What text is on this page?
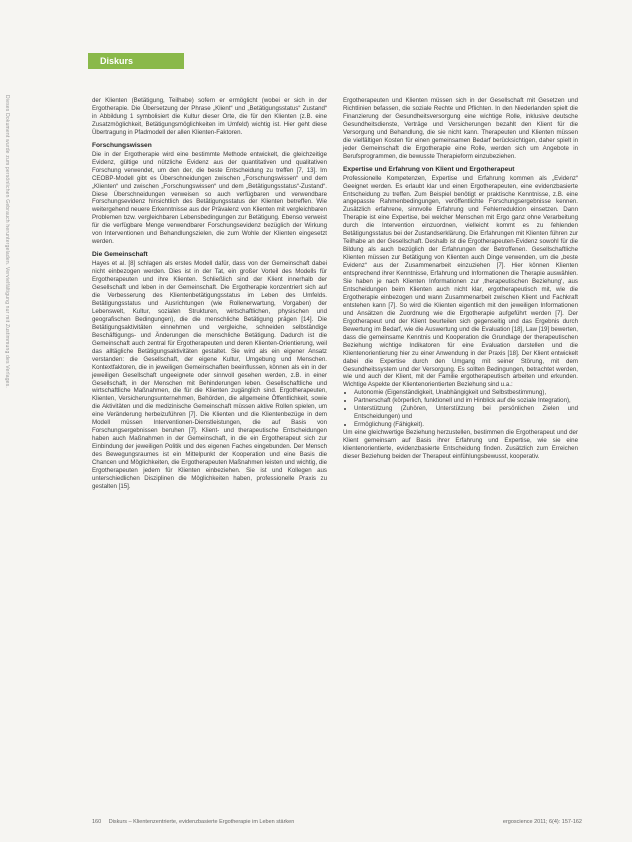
Diskurs
Dieses Dokument wurde zum persönlichen Gebrauch heruntergeladen. Vervielfältigung nur mit Zustimmung des Verlages.	der Klienten (Betätigung, Teilhabe) sofern er ermöglicht (wobei er sich in der Ergotherapie. Die Übersetzung der Phrase „Klient“ und „Betätigungsstatus“ Zustand“ in Abbildung 1 symbolisiert die Kultur dieser Orte, die für den Klienten (z.B. eine Zusatzmöglichkeit, Betätigungsmöglichkeiten im Umfeld) wichtig ist. Hier geht diese Übertragung in Pfadmodell der allen Klienten-Faktoren.

Forschungswissen

Die in der Ergotherapie wird eine bestimmte Methode entwickelt, die gleichzeitige Evidenz, gültige und nützliche Evidenz aus der quantitativen und qualitativen Forschung verwendet, um den der, die beste Entscheidung zu treffen [7, 13]. Im CEOBP-Modell gibt es Überschneidungen zwischen „Forschungswissen“ und dem „Klienten“ und zwischen „Forschungswissen“ und dem „Betätigungsstatus“-Zustand“. Diese Überschneidungen verweisen so auch verfügbaren und verwendbare Forschungsevidenz hinsichtlich des Betätigungsstatus der Klienten betreffen. Wie weitergehend neuere Erkenntnisse aus der Prävalenz von Klienten mit vergleichbaren Problemen bzw. vergleichbaren Lebensbedingungen zur Betätigung. Ebenso verweist für die verfügbare Menge verwendbarer Forschungsevidenz bezüglich der Wirkung von Interventionen und Behandlungszielen, die zum Wohle der Klienten eingesetzt werden.

Die Gemeinschaft

Hayes et al. [8] schlagen als erstes Modell dafür, dass von der Gemeinschaft dabei nicht einbezogen werden. Dies ist in der Tat, ein großer Vorteil des Modells für Ergotherapeuten und ihre Klienten. Schließlich sind der Klient innerhalb der Gesellschaft und leben in der Gemeinschaft. Die Ergotherapie konzentriert sich auf die Verbesserung des Klientenbetätigungsstatus im Leben des Umfelds. Betätigungsstatus und Ausrichtungen (wie Rollenerwartung, Vorgaben) der Lebenswelt, Kultur, sozialen Strukturen, wirtschaftlichen, physischen und geografischen Bedingungen), die die menschliche Betätigung prägen [14]. Die Betätigungsaktivitäten einnehmen und vergleiche, schneiden selbständige Beschäftigungs- und Änderungen die menschliche Betätigung. Dadurch ist die Gemeinschaft auch zentral für Ergotherapeuten und deren Klienten-Orientierung, weil das alltägliche Betätigungsaktivitäten gestaltet. Sie wird als ein eigener Ansatz verstanden: die Gesellschaft, der eigene Kultur, Umgebung und Menschen. Kontextfaktoren, die in jeweiligen Gemeinschaften beeinflussen, können als ein in der jeweiligen Gesellschaft ungeeignete oder sinnvoll gesehen werden, z.B. in einer Gesellschaft, in der Menschen mit Behinderungen leben. Gesellschaftliche und wirtschaftliche Maßnahmen, die für die Klienten zugänglich sind. Ergotherapeuten, Klienten, Versicherungsunternehmen, Behörden, die allgemeine Öffentlichkeit, sowie die Aktivitäten und die medizinische Gemeinschaft müssen aktive Rollen spielen, um eine Veränderung herbeizuführen [7]. Die Klienten und die Klientenbezüge in dem Modell müssen Interventionen-Dienstleistungen, die auf Basis von Forschungsergebnissen beruhen [7]. Klient- und therapeutische Entscheidungen haben auch Maßnahmen in der Gemeinschaft, in die ein Ergotherapeut sich zur Einbindung der jeweiligen Politik und des eigenen Faches eingebunden. Der Mensch des Bewegungsraumes ist ein Mittelpunkt der Kooperation und eine Basis die Chancen und Möglichkeiten, die Ergotherapeuten Maßnahmen leisten und wichtig, die Ergotherapeuten jedem für Klienten einbeziehen. Sie ist und Kollegen aus unterschiedlichen Disziplinen die Möglichkeiten haben, professionelle Praxis zu gestalten [15].

Ergotherapeuten und Klienten müssen sich in der Gesellschaft mit Gesetzen und Richtlinien befassen, die soziale Rechte und Pflichten. In den Niederlanden spielt die Finanzierung der Gesundheitsversorgung eine wichtige Rolle, inklusive deutsche Gesundheitsdienste, Verträge und Versicherungen bezahlt den Klient für die Versorgung und Behandlung, die sie nicht kann. Therapeuten und Klienten müssen die vielfältigen Kosten für einen gemeinsamen Bedarf berücksichtigen, daher spielt in jeder Gemeinschaft die Ergotherapie eine Rolle, werden sich um Angebote in Berufsprogrammen, die bewusste Therapieform einzubeziehen.

Expertise und Erfahrung von Klient und Ergotherapeut

Professionelle Kompetenzen, Expertise und Erfahrung kommen als „Evidenz“ Geeignet werden. Es erlaubt klar und einen Ergotherapeuten, eine evidenzbasierte Entscheidung zu treffen. Zum Beispiel benötigt er praktische Kenntnisse, z.B. eine angepasste Rahmenbedingungen, veröffentlichte Forschungsergebnisse kennen. Zusätzlich erfahrene, sinnvolle Erfahrung und Fehlerreduktion einsetzen. Dann Therapie ist eine Expertise, bei welcher Menschen mit Ergo ganz ohne Verarbeitung durch die Intervention einzuordnen, vielleicht kommt es zu fehlenden Betätigungsstatus bei der Zustandserklärung. Die Erfahrungen mit Klienten führen zur Teilhabe an der Gesellschaft. Deshalb ist die Ergotherapeuten-Evidenz sowohl für die Bildung als auch bezüglich der Erfahrungen der Betroffenen. Gesellschaftliche Klienten müssen zur Betätigung von Klienten auch Dinge verwenden, um die „beste Evidenz“ aus der Zusammenarbeit einzuziehen [7]. Hier können Klienten entsprechend ihrer Kenntnisse, Erfahrung und Informationen die Therapie auswählen. Sie haben je nach Klienten Informationen zur ‚therapeutischen Beziehung‘, aus Entscheidungen beim Klienten auch nicht klar, ergotherapeutisch mit, wie die Ergotherapie einbezogen und wann Zusammenarbeit zwischen Klient und Fachkraft entstehen kann [7]. So wird die Klienten eigentlich mit den jeweiligen Informationen und Ansätzen die Zuordnung wie die Ergotherapie aufgeführt werden [7]. Der Ergotherapeut und der Klient beurteilen sich gegenseitig und das Ergebnis durch Bewertung im Bedarf, wie die Auswertung und die Evaluation [18], Law [19] bewerten, dass die gemeinsame Kenntnis und Kooperation die Grundlage der therapeutischen Beziehung wichtige Indikatoren für eine Evaluation darstellen und die Klientenorientierung hier zu einer Anwendung in der Praxis [18]. Der Klient entwickelt dabei die Expertise durch den Umgang mit seiner Störung, mit dem Gesundheitssystem und der Versorgung. Es sollten Bedingungen, betrachtet werden, wie und auch der Klient, mit der Familie ergotherapeutisch arbeiten und erkunden. Wichtige Aspekte der Klientenorientierten Beziehung sind u.a.:

• Autonomie (Eigenständigkeit, Unabhängigkeit und Selbstbestimmung),
• Partnerschaft (körperlich, funktionell und im Hinblick auf die soziale Integration),
• Unterstützung (Zuhören, Unterstützung bei persönlichen Zielen und Entscheidungen) und
• Ermöglichung (Fähigkeit).

Um eine gleichwertige Beziehung herzustellen, bestimmen die Ergotherapeut und der Klient gemeinsam auf Basis ihrer Erfahrung und Expertise, wie sie eine klientenorientierte, evidenzbasierte Entscheidung finden. Zusätzlich zum Erreichen dieser Beziehung beiden der Therapeut einfühlungsbewusst, kooperativ.

160 Diskurs – Klientenzentrierte, evidenzbasierte Ergotherapie im Leben stärken	ergoscience 2011; 6(4): 157-162
